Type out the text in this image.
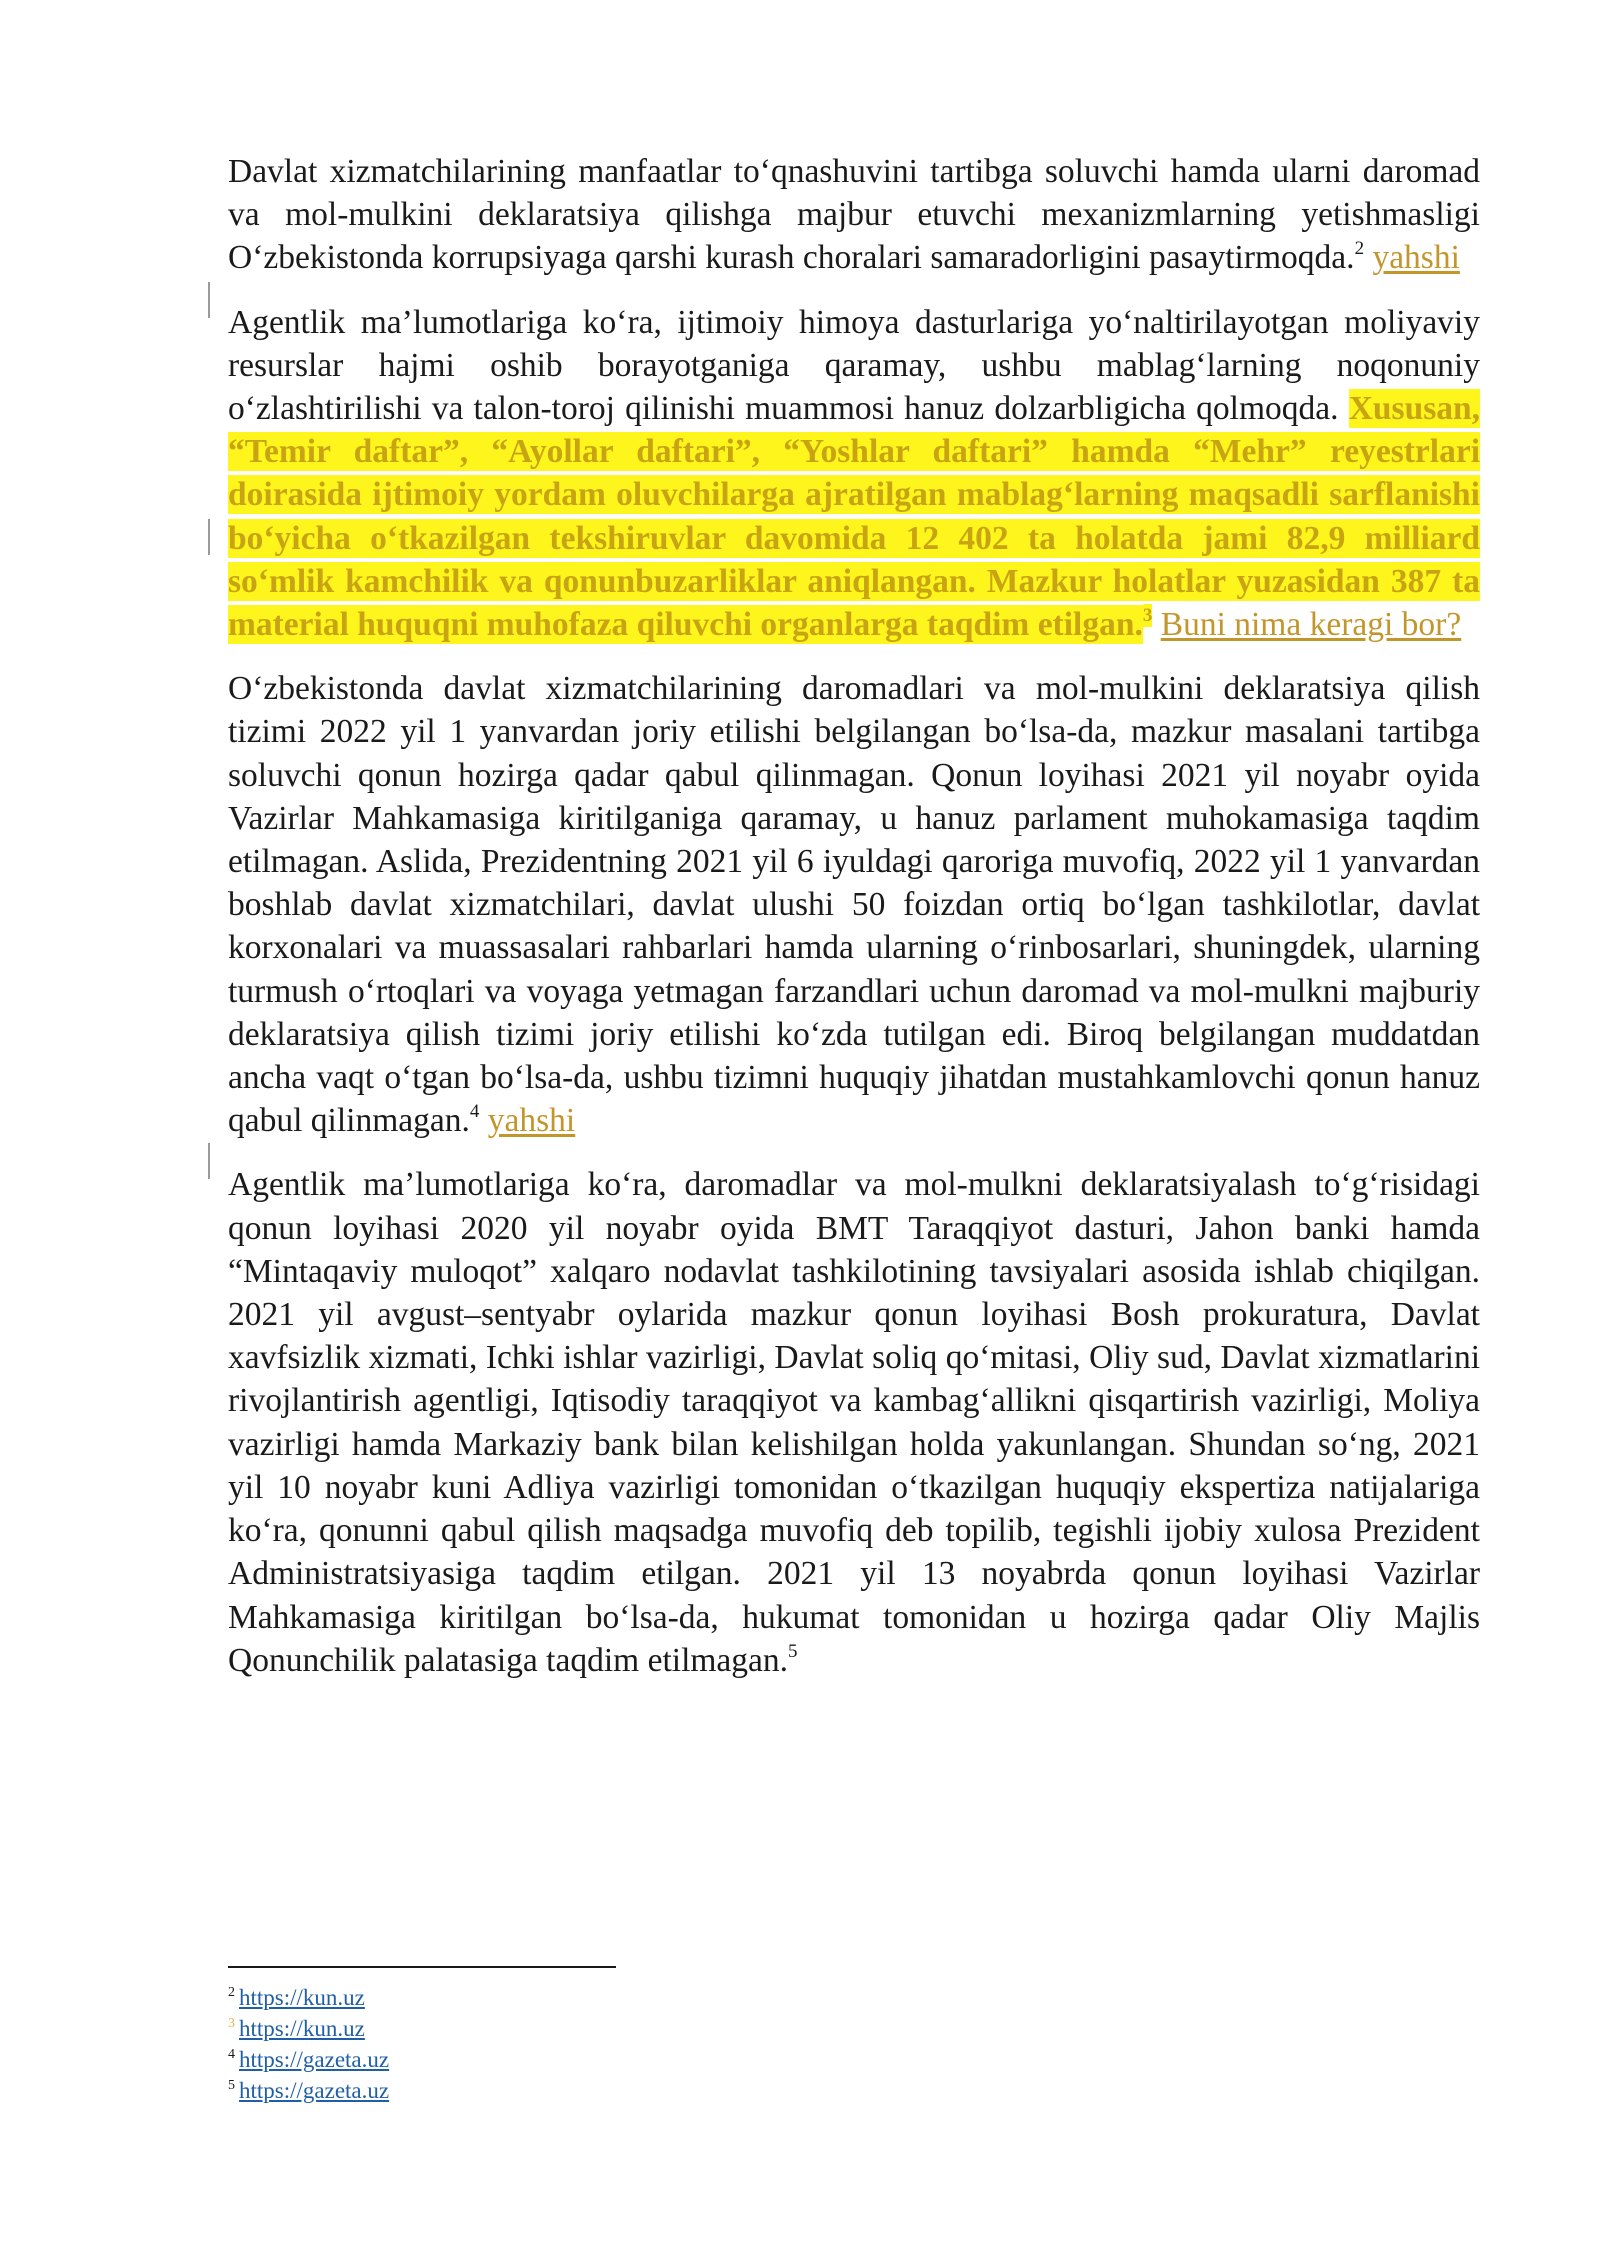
Davlat xizmatchilarining manfaatlar to‘qnashuvini tartibga soluvchi hamda ularni daromad va mol-mulkini deklaratsiya qilishga majbur etuvchi mexanizmlarning yetishmasligi O‘zbekistonda korrupsiyaga qarshi kurash choralari samaradorligini pasaytirmoqda.$^2$ yahshi

Agentlik ma’lumotlariga ko‘ra, ijtimoiy himoya dasturlariga yo‘naltirilayotgan moliyaviy resurslar hajmi oshib borayotganiga qaramay, ushbu mablag‘larning noqonuniy o‘zlashtirilishi va talon-toroj qilinishi muammosi hanuz dolzarbligicha qolmoqda. Xususan, “Temir daftar”, “Ayollar daftari”, “Yoshlar daftari” hamda “Mehr” reyestrlari doirasida ijtimoiy yordam oluvchilarga ajratilgan mablag‘larning maqsadli sarflanishi bo‘yicha o‘tkazilgan tekshiruvlar davomida 12 402 ta holatda jami 82,9 milliard so‘mlik kamchilik va qonunbuzarliklar aniqlangan. Mazkur holatlar yuzasidan 387 ta material huquqni muhofaza qiluvchi organlarga taqdim etilgan.$^3$ Buni nima keragi bor?

O‘zbekistonda davlat xizmatchilarining daromadlari va mol-mulkini deklaratsiya qilish tizimi 2022 yil 1 yanvardan joriy etilishi belgilangan bo‘lsa-da, mazkur masalani tartibga soluvchi qonun hozirga qadar qabul qilinmagan. Qonun loyihasi 2021 yil noyabr oyida Vazirlar Mahkamasiga kiritilganiga qaramay, u hanuz parlament muhokamasiga taqdim etilmagan. Aslida, Prezidentning 2021 yil 6 iyuldagi qaroriga muvofiq, 2022 yil 1 yanvardan boshlab davlat xizmatchilari, davlat ulushi 50 foizdan ortiq bo‘lgan tashkilotlar, davlat korxonalari va muassasalari rahbarlari hamda ularning o‘rinbosarlari, shuningdek, ularning turmush o‘rtoqlari va voyaga yetmagan farzandlari uchun daromad va mol-mulkni majburiy deklaratsiya qilish tizimi joriy etilishi ko‘zda tutilgan edi. Biroq belgilangan muddatdan ancha vaqt o‘tgan bo‘lsa-da, ushbu tizimni huquqiy jihatdan mustahkamlovchi qonun hanuz qabul qilinmagan.$^4$ yahshi

Agentlik ma’lumotlariga ko‘ra, daromadlar va mol-mulkni deklaratsiyalash to‘g‘risidagi qonun loyihasi 2020 yil noyabr oyida BMT Taraqqiyot dasturi, Jahon banki hamda “Mintaqaviy muloqot” xalqaro nodavlat tashkilotining tavsiyalari asosida ishlab chiqilgan. 2021 yil avgust–sentyabr oylarida mazkur qonun loyihasi Bosh prokuratura, Davlat xavfsizlik xizmati, Ichki ishlar vazirligi, Davlat soliq qo‘mitasi, Oliy sud, Davlat xizmatlarini rivojlantirish agentligi, Iqtisodiy taraqqiyot va kambag‘allikni qisqartirish vazirligi, Moliya vazirligi hamda Markaziy bank bilan kelishilgan holda yakunlangan. Shundan so‘ng, 2021 yil 10 noyabr kuni Adliya vazirligi tomonidan o‘tkazilgan huquqiy ekspertiza natijalariga ko‘ra, qonunni qabul qilish maqsadga muvofiq deb topilib, tegishli ijobiy xulosa Prezident Administratsiyasiga taqdim etilgan. 2021 yil 13 noyabrda qonun loyihasi Vazirlar Mahkamasiga kiritilgan bo‘lsa-da, hukumat tomonidan u hozirga qadar Oliy Majlis Qonunchilik palatasiga taqdim etilmagan.$^5$

$^2$ https://kun.uz
$^3$ https://kun.uz
$^4$ https://gazeta.uz
$^5$ https://gazeta.uz
